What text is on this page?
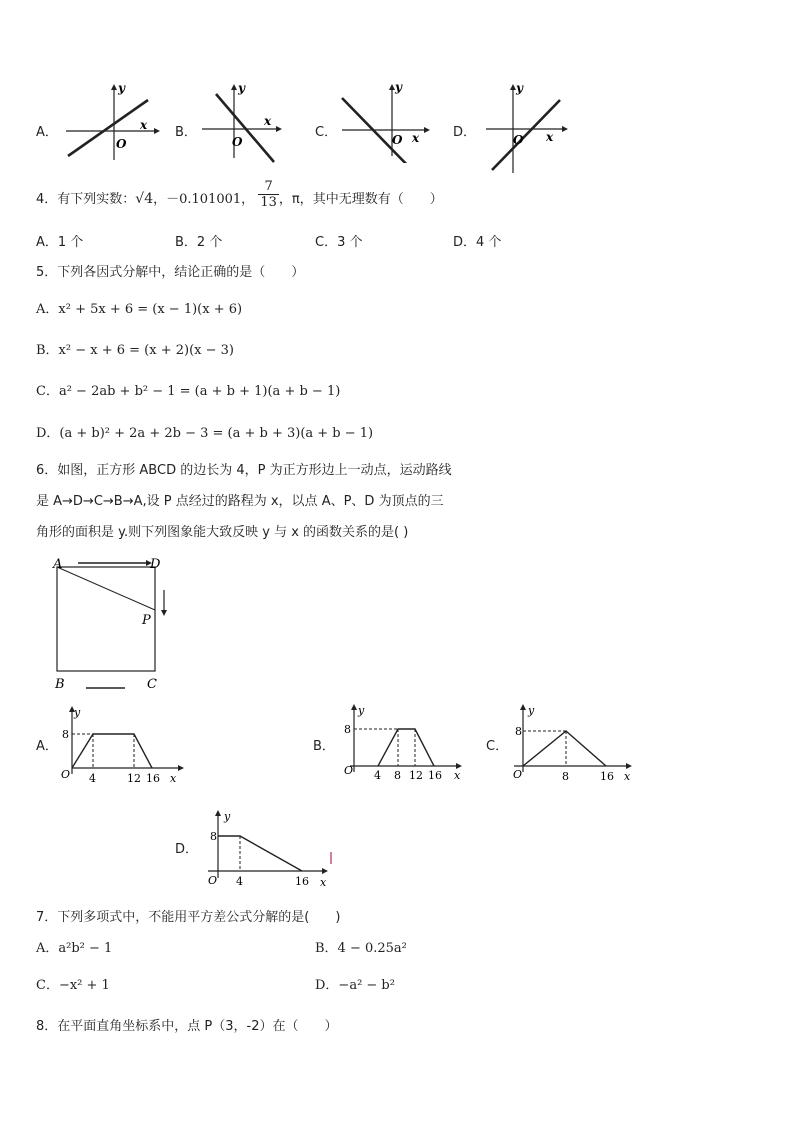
A．
y
x
O
B．
y
x
O
C．
y
x
O	D．
y
x
O
4．有下列实数：√4，－0.101001， $\frac{7}{13}$ ，π，其中无理数有（　　）
A．1 个	B．2 个	C．3 个	D．4 个
5．下列各因式分解中，结论正确的是（　　）
A．x² + 5x + 6 = (x − 1)(x + 6)
B．x² − x + 6 = (x + 2)(x − 3)
C．a² − 2ab + b² − 1 = (a + b + 1)(a + b − 1)
D．(a + b)² + 2a + 2b − 3 = (a + b + 3)(a + b − 1)
6．如图，正方形 ABCD 的边长为 4，P 为正方形边上一动点，运动路线
是 A→D→C→B→A,设 P 点经过的路程为 x，以点 A、P、D 为顶点的三
角形的面积是 y.则下列图象能大致反映 y 与 x 的函数关系的是( )
A	D
P
B	C
A．
y
8
O 4	12 16 x
B．
y
8
O 4 8 12 16 x
C．
y
8
O	8	16 x
D．
y
8
O 4	16 x
7．下列多项式中，不能用平方差公式分解的是(　　)
A．a²b² − 1	B．4 − 0.25a²
C．−x² + 1	D．−a² − b²
8．在平面直角坐标系中，点 P（3，-2）在（　　）
